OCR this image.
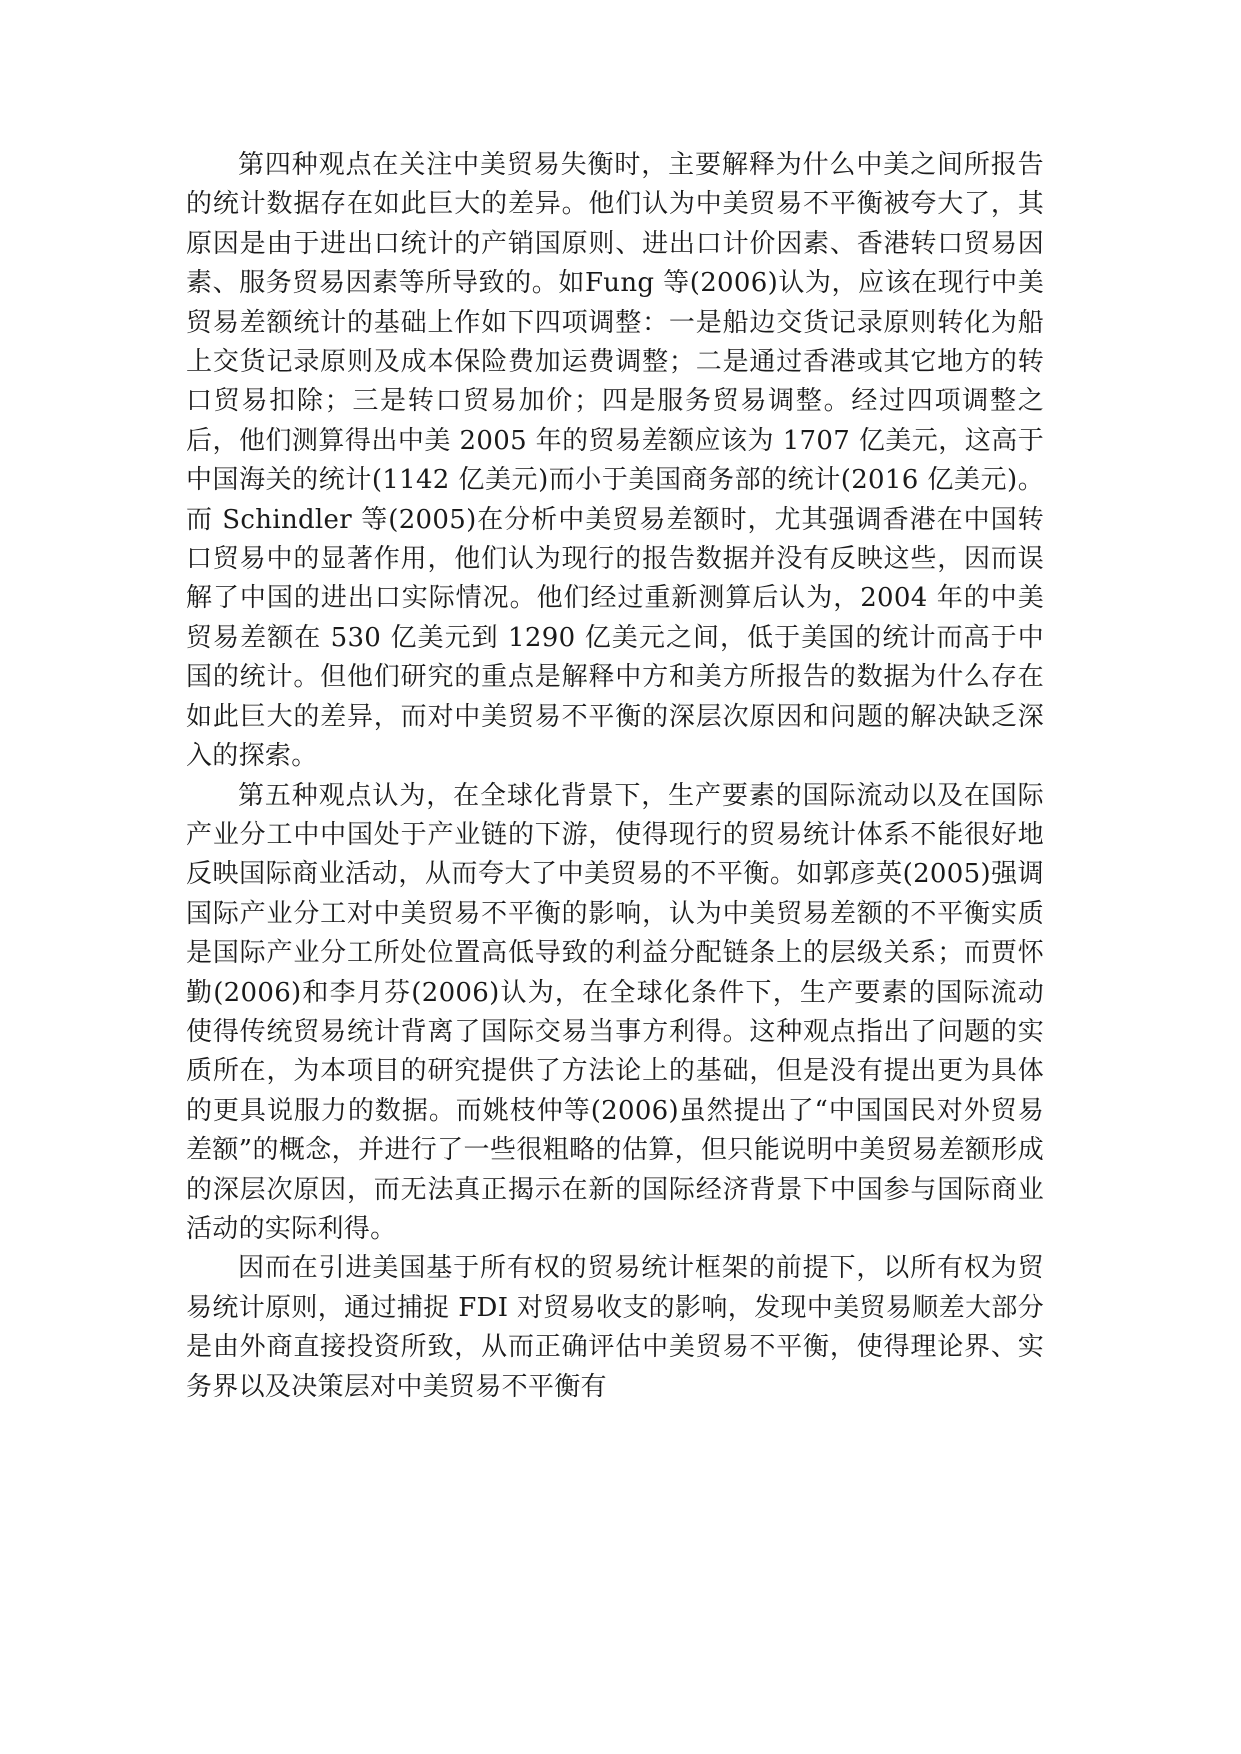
第四种观点在关注中美贸易失衡时，主要解释为什么中美之间所报告的统计数据存在如此巨大的差异。他们认为中美贸易不平衡被夸大了，其原因是由于进出口统计的产销国原则、进出口计价因素、香港转口贸易因素、服务贸易因素等所导致的。如Fung 等(2006)认为，应该在现行中美贸易差额统计的基础上作如下四项调整：一是船边交货记录原则转化为船上交货记录原则及成本保险费加运费调整；二是通过香港或其它地方的转口贸易扣除；三是转口贸易加价；四是服务贸易调整。经过四项调整之后，他们测算得出中美 2005 年的贸易差额应该为 1707 亿美元，这高于中国海关的统计(1142 亿美元)而小于美国商务部的统计(2016 亿美元)。而 Schindler 等(2005)在分析中美贸易差额时，尤其强调香港在中国转口贸易中的显著作用，他们认为现行的报告数据并没有反映这些，因而误解了中国的进出口实际情况。他们经过重新测算后认为，2004 年的中美贸易差额在 530 亿美元到 1290 亿美元之间，低于美国的统计而高于中国的统计。但他们研究的重点是解释中方和美方所报告的数据为什么存在如此巨大的差异，而对中美贸易不平衡的深层次原因和问题的解决缺乏深入的探索。

第五种观点认为，在全球化背景下，生产要素的国际流动以及在国际产业分工中中国处于产业链的下游，使得现行的贸易统计体系不能很好地反映国际商业活动，从而夸大了中美贸易的不平衡。如郭彦英(2005)强调国际产业分工对中美贸易不平衡的影响，认为中美贸易差额的不平衡实质是国际产业分工所处位置高低导致的利益分配链条上的层级关系；而贾怀勤(2006)和李月芬(2006)认为，在全球化条件下，生产要素的国际流动使得传统贸易统计背离了国际交易当事方利得。这种观点指出了问题的实质所在，为本项目的研究提供了方法论上的基础，但是没有提出更为具体的更具说服力的数据。而姚枝仲等(2006)虽然提出了“中国国民对外贸易差额”的概念，并进行了一些很粗略的估算，但只能说明中美贸易差额形成的深层次原因，而无法真正揭示在新的国际经济背景下中国参与国际商业活动的实际利得。

因而在引进美国基于所有权的贸易统计框架的前提下，以所有权为贸易统计原则，通过捕捉 FDI 对贸易收支的影响，发现中美贸易顺差大部分是由外商直接投资所致，从而正确评估中美贸易不平衡，使得理论界、实务界以及决策层对中美贸易不平衡有
